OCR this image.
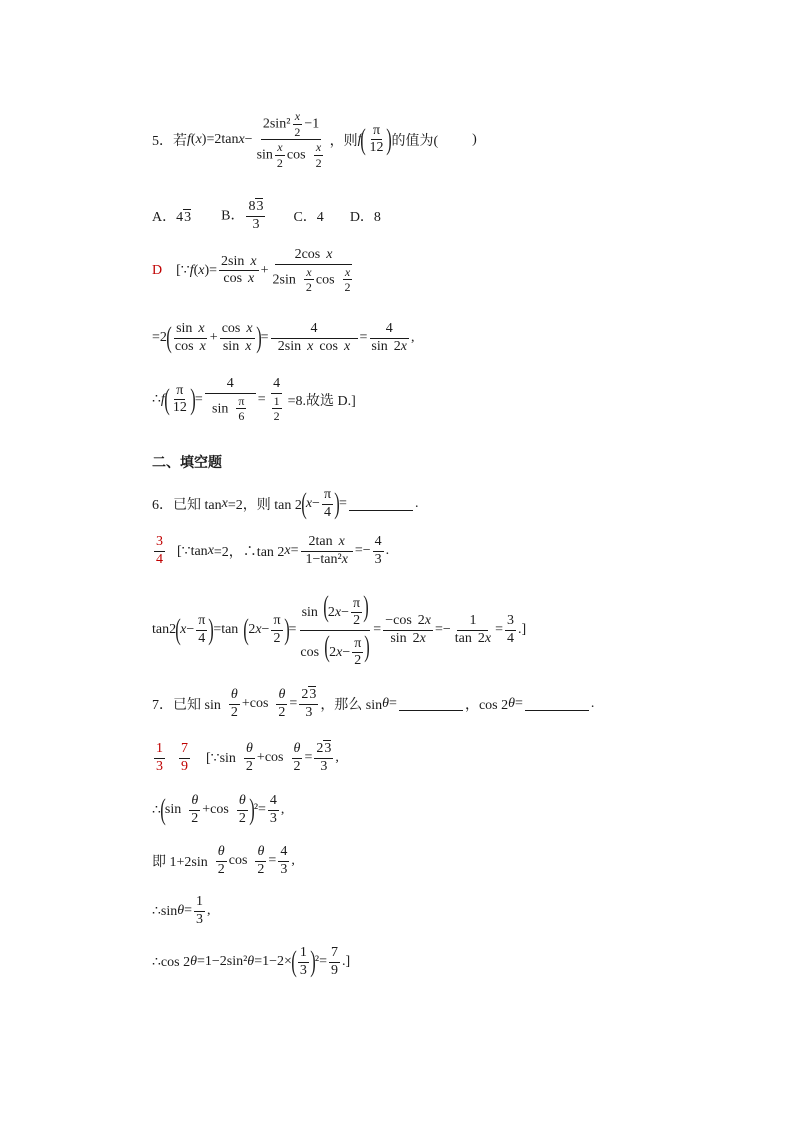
5．若 f ( x )=2tan $x - \frac{2\sin^2 \frac{x}{2} -1}{\sin \frac{x}{2} \cos \frac{x}{2}}$ ，则 f ( $\frac{\pi}{12}$ ) 的值为( )
A．43 B． $\frac{83}{3}$ C．4 D．8
D [∵ f ( x )= $\frac{\text{2sin x}}{\text{cos x}} + \frac{\text{2cos x}}{2\sin \frac{x}{2} \cos \frac{x}{2}}$
=2 ( $\frac{\text{sin x}}{\text{cos x}} + \frac{\text{cos x}}{\text{sin x}}$ ) = $\frac{4}{\text{2sin x cos x}} = \frac{4}{\sin 2x}$ ,
∴ f ( $\frac{\pi}{12}$ ) = $\frac{4}{\sin \frac{\pi}{6}} = \frac{4}{\frac{1}{2}} =8$.故选 D.]
二、填空题
6．已知 tan x =2，则 tan 2 ( $x - \frac{\pi}{4}$ ) =	.
$\frac{3}{4}$ [∵tan x =2，∴tan 2 $x = \frac{\text{2tan x}}{\text{1−tan²x}} =- \frac{4}{3}$ .
tan2 ( $x - \frac{\pi}{4}$ ) =tan ( 2 $x - \frac{\pi}{2}$ ) = $\frac{\sin (2x- \frac{\pi}{2} )}{\cos (2x- \frac{\pi}{2} )} = \frac{-\cos 2x}{\sin 2x} =- \frac{1}{\tan 2x} = \frac{3}{4}$ .]
7．已知 $\sin \frac{\theta}{2} +\cos \frac{\theta}{2} = \frac{23}{3}$ ，那么 sin θ =	，cos 2 θ =	.
$\frac{1}{3} \frac{7}{9}$ [∵sin $\frac{\theta}{2} +\cos \frac{\theta}{2} = \frac{23}{3}$ ,
∴ ( $\sin \frac{\theta}{2} +\cos \frac{\theta}{2}$ ) $^2= \frac{4}{3}$ ,
即 $1+2\sin \frac{\theta}{2}$ $\cos \frac{\theta}{2} = \frac{4}{3}$ ,
∴sin $\theta = \frac{1}{3}$ ,
∴cos 2 θ =1−2sin² θ =1−2× ( $\frac{1}{3}$ ) $^2= \frac{7}{9}$ .]
5.
